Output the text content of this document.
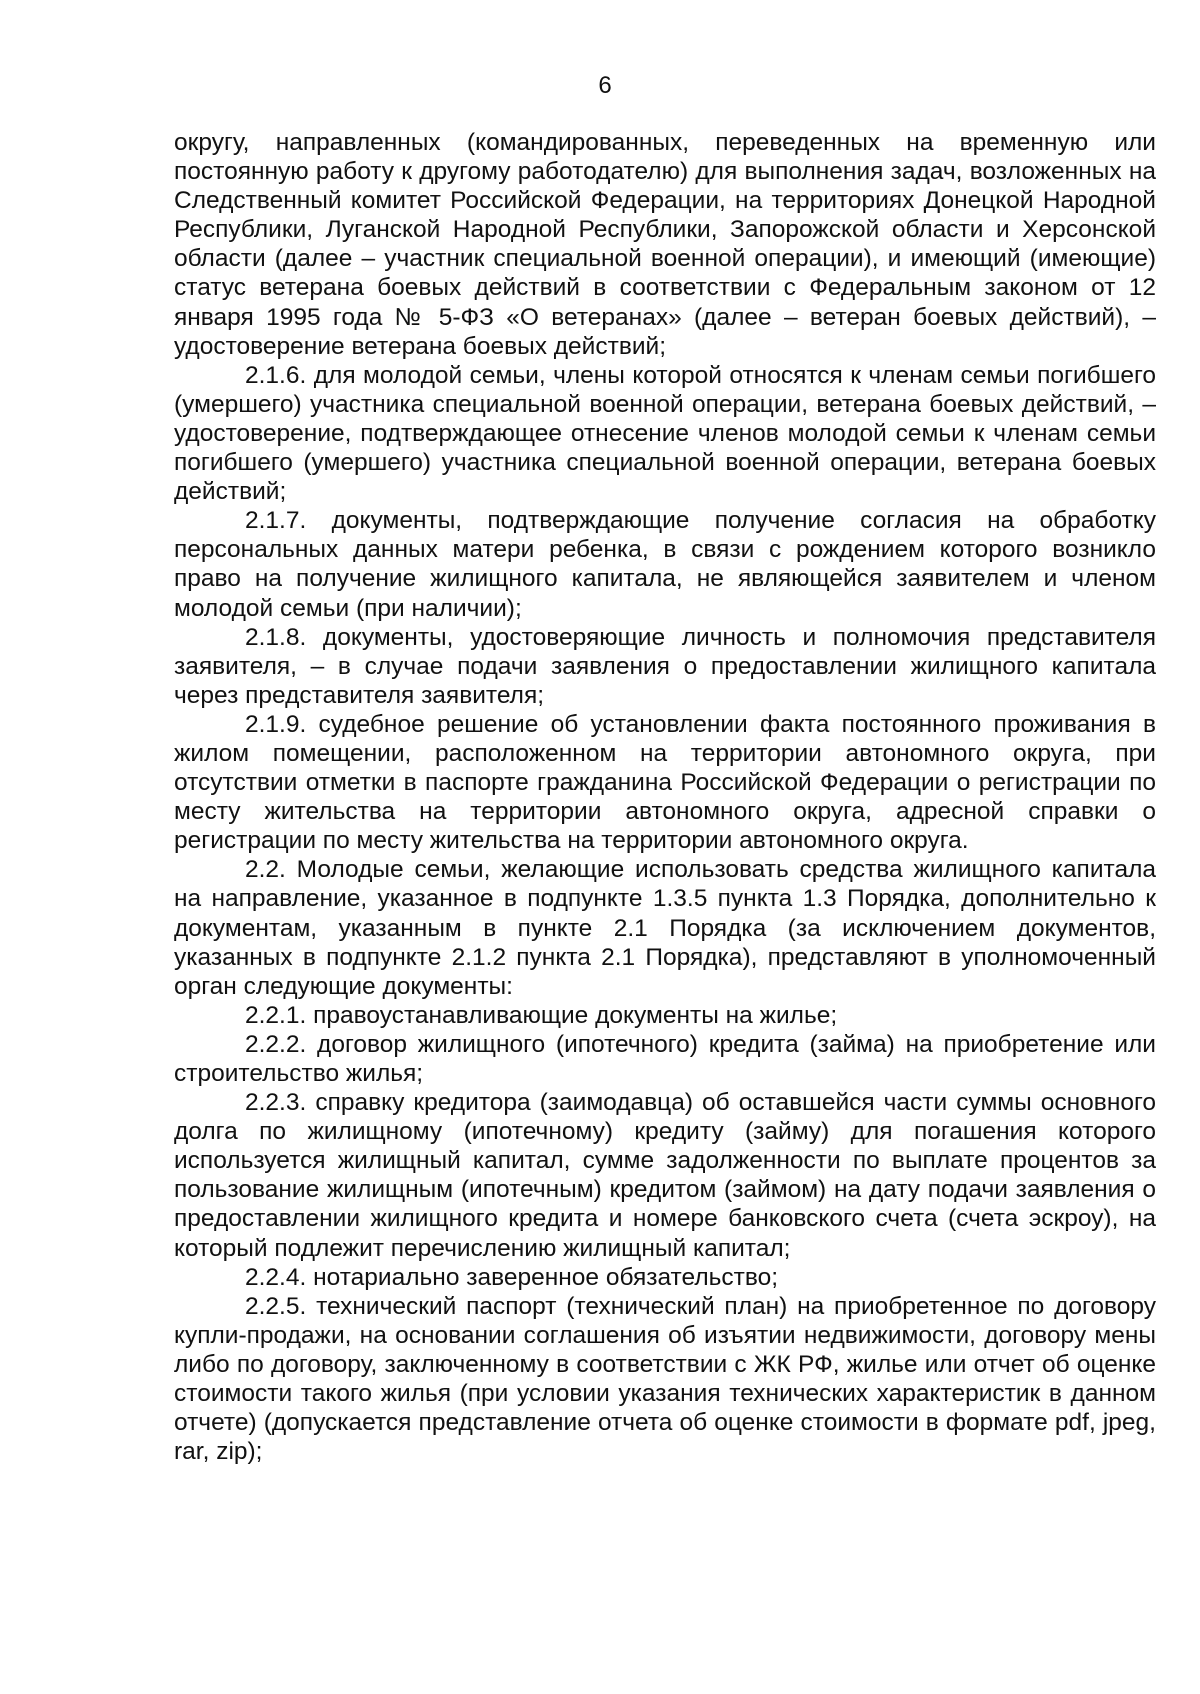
6

округу, направленных (командированных, переведенных на временную или постоянную работу к другому работодателю) для выполнения задач, возложенных на Следственный комитет Российской Федерации, на территориях Донецкой Народной Республики, Луганской Народной Республики, Запорожской области и Херсонской области (далее – участник специальной военной операции), и имеющий (имеющие) статус ветерана боевых действий в соответствии с Федеральным законом от 12 января 1995 года № 5-ФЗ «О ветеранах» (далее – ветеран боевых действий), – удостоверение ветерана боевых действий;

2.1.6. для молодой семьи, члены которой относятся к членам семьи погибшего (умершего) участника специальной военной операции, ветерана боевых действий, – удостоверение, подтверждающее отнесение членов молодой семьи к членам семьи погибшего (умершего) участника специальной военной операции, ветерана боевых действий;

2.1.7. документы, подтверждающие получение согласия на обработку персональных данных матери ребенка, в связи с рождением которого возникло право на получение жилищного капитала, не являющейся заявителем и членом молодой семьи (при наличии);

2.1.8. документы, удостоверяющие личность и полномочия представителя заявителя, – в случае подачи заявления о предоставлении жилищного капитала через представителя заявителя;

2.1.9. судебное решение об установлении факта постоянного проживания в жилом помещении, расположенном на территории автономного округа, при отсутствии отметки в паспорте гражданина Российской Федерации о регистрации по месту жительства на территории автономного округа, адресной справки о регистрации по месту жительства на территории автономного округа.

2.2. Молодые семьи, желающие использовать средства жилищного капитала на направление, указанное в подпункте 1.3.5 пункта 1.3 Порядка, дополнительно к документам, указанным в пункте 2.1 Порядка (за исключением документов, указанных в подпункте 2.1.2 пункта 2.1 Порядка), представляют в уполномоченный орган следующие документы:

2.2.1. правоустанавливающие документы на жилье;

2.2.2. договор жилищного (ипотечного) кредита (займа) на приобретение или строительство жилья;

2.2.3. справку кредитора (заимодавца) об оставшейся части суммы основного долга по жилищному (ипотечному) кредиту (займу) для погашения которого используется жилищный капитал, сумме задолженности по выплате процентов за пользование жилищным (ипотечным) кредитом (займом) на дату подачи заявления о предоставлении жилищного кредита и номере банковского счета (счета эскроу), на который подлежит перечислению жилищный капитал;

2.2.4. нотариально заверенное обязательство;

2.2.5. технический паспорт (технический план) на приобретенное по договору купли-продажи, на основании соглашения об изъятии недвижимости, договору мены либо по договору, заключенному в соответствии с ЖК РФ, жилье или отчет об оценке стоимости такого жилья (при условии указания технических характеристик в данном отчете) (допускается представление отчета об оценке стоимости в формате pdf, jpeg, rar, zip);
